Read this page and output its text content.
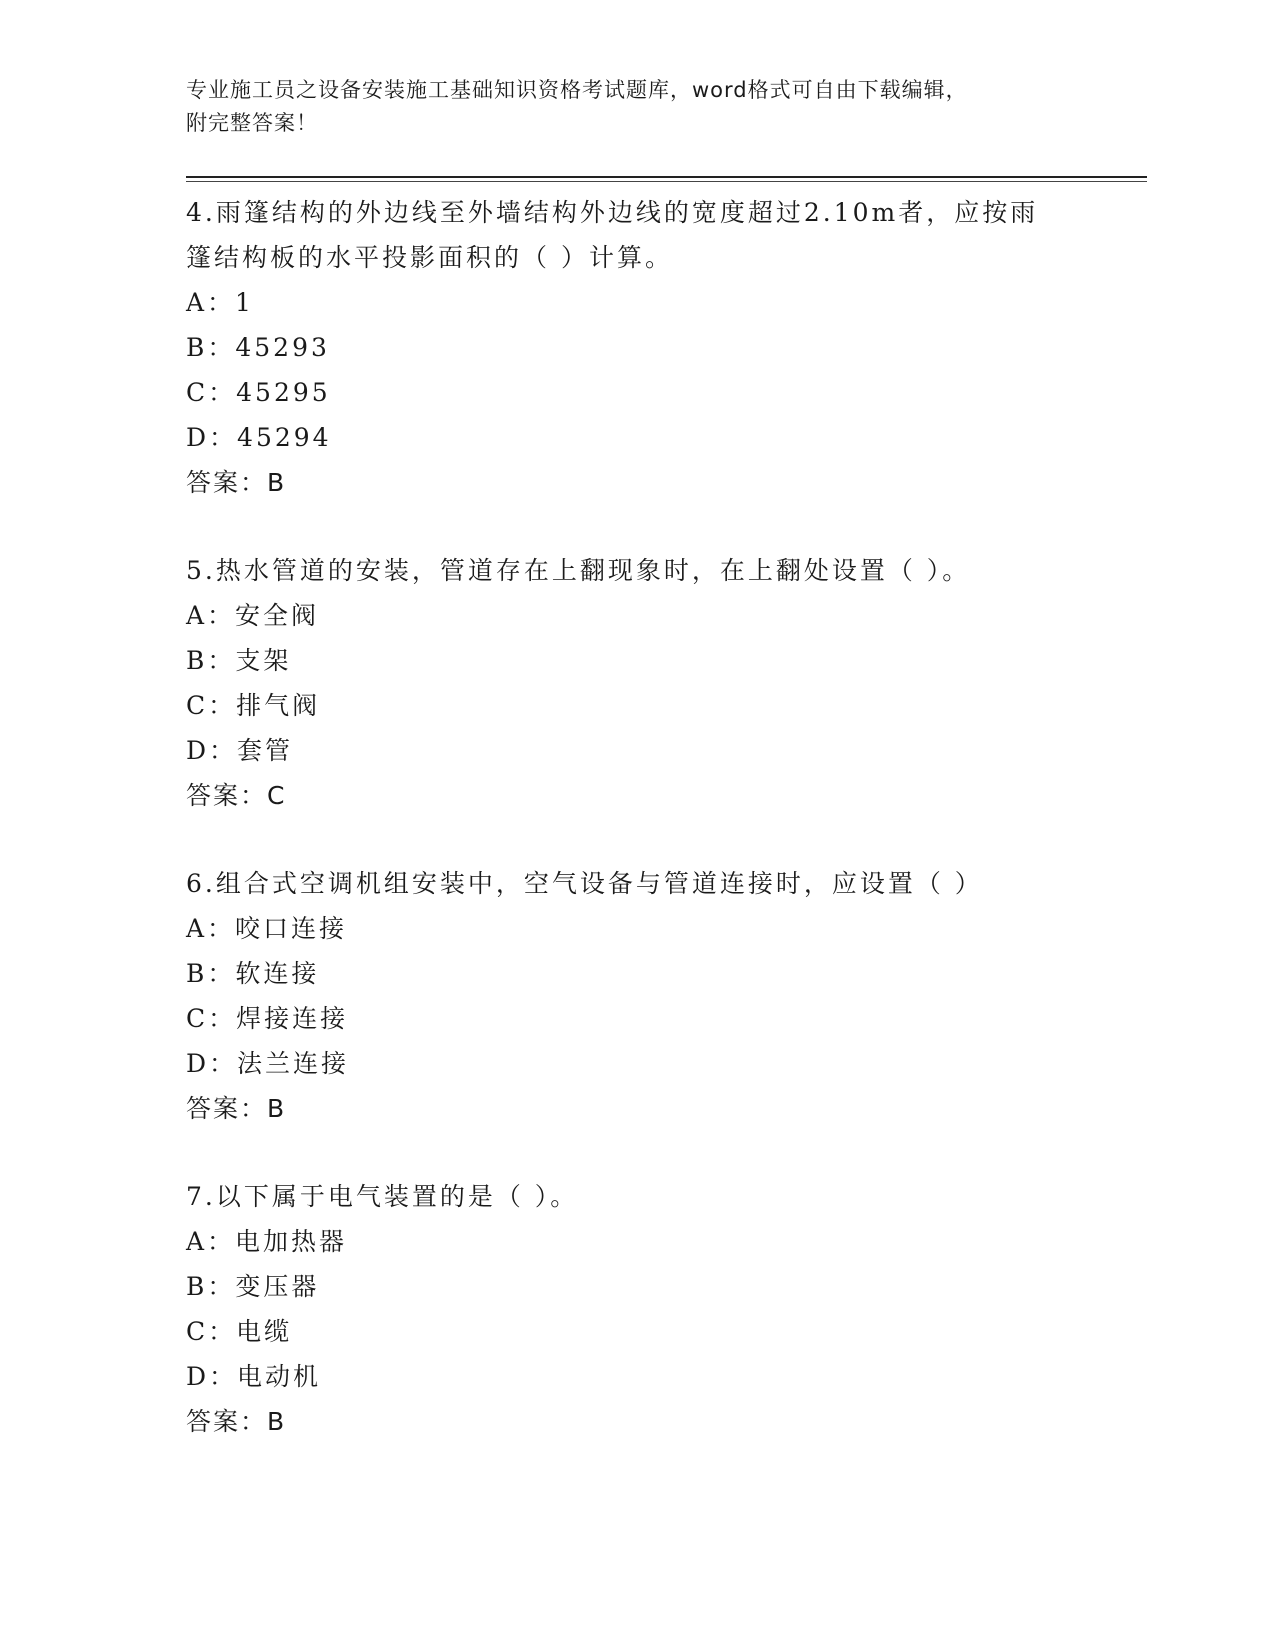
专业施工员之设备安装施工基础知识资格考试题库，word格式可自由下载编辑，
附完整答案！
4.雨篷结构的外边线至外墙结构外边线的宽度超过2.10m者，应按雨篷结构板的水平投影面积的（ ）计算。
A：1
B：45293
C：45295
D：45294
答案：B
5.热水管道的安装，管道存在上翻现象时，在上翻处设置（ ）。
A：安全阀
B：支架
C：排气阀
D：套管
答案：C
6.组合式空调机组安装中，空气设备与管道连接时，应设置（ ）
A：咬口连接
B：软连接
C：焊接连接
D：法兰连接
答案：B
7.以下属于电气装置的是（ ）。
A：电加热器
B：变压器
C：电缆
D：电动机
答案：B
